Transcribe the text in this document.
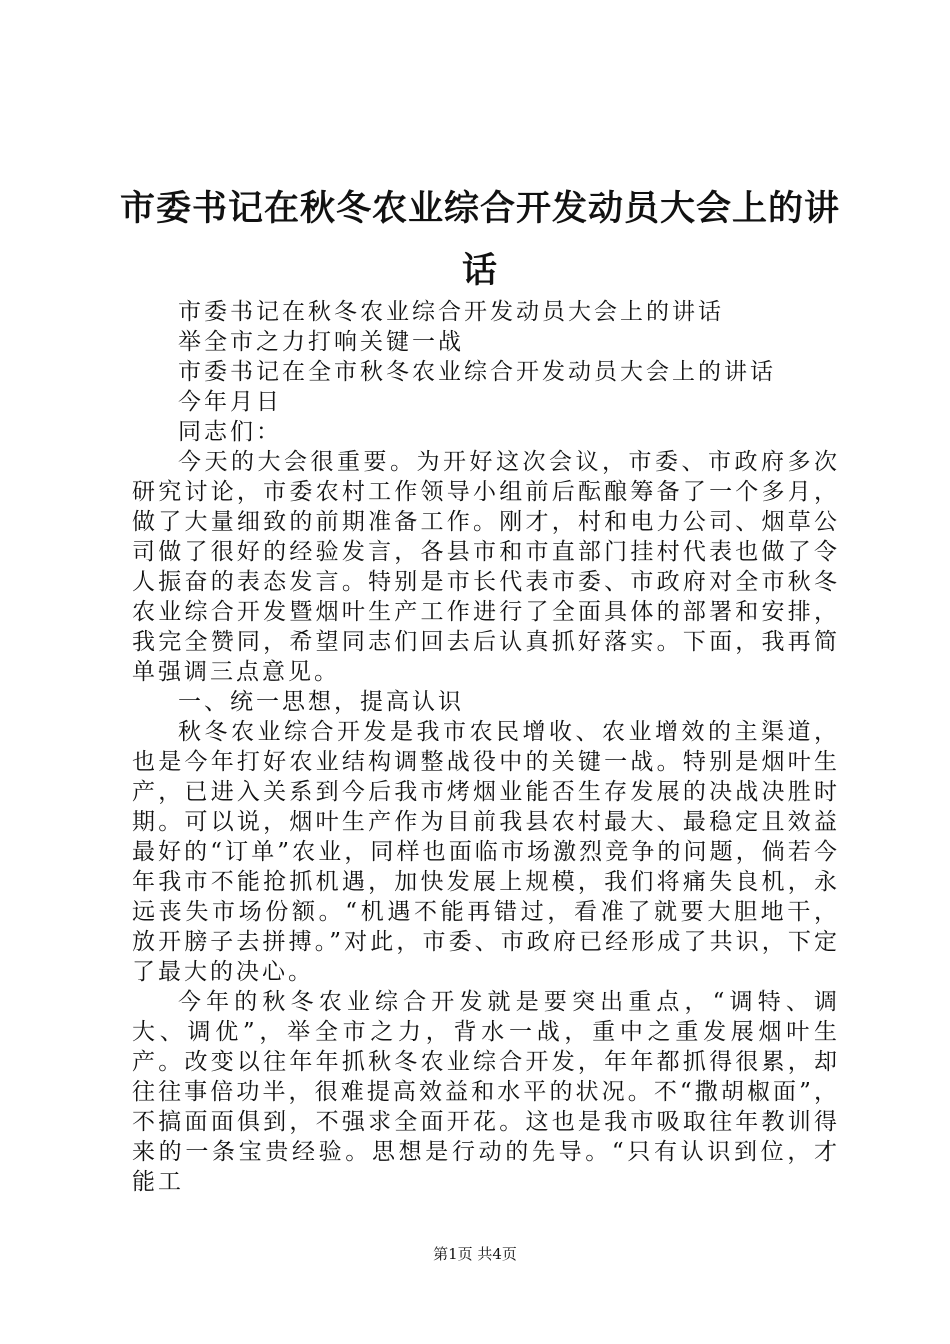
市委书记在秋冬农业综合开发动员大会上的讲话

市委书记在秋冬农业综合开发动员大会上的讲话

举全市之力打响关键一战

市委书记在全市秋冬农业综合开发动员大会上的讲话

今年月日

同志们：

今天的大会很重要。为开好这次会议，市委、市政府多次研究讨论，市委农村工作领导小组前后酝酿筹备了一个多月，做了大量细致的前期准备工作。刚才，村和电力公司、烟草公司做了很好的经验发言，各县市和市直部门挂村代表也做了令人振奋的表态发言。特别是市长代表市委、市政府对全市秋冬农业综合开发暨烟叶生产工作进行了全面具体的部署和安排，我完全赞同，希望同志们回去后认真抓好落实。下面，我再简单强调三点意见。

一、统一思想，提高认识

秋冬农业综合开发是我市农民增收、农业增效的主渠道，也是今年打好农业结构调整战役中的关键一战。特别是烟叶生产，已进入关系到今后我市烤烟业能否生存发展的决战决胜时期。可以说，烟叶生产作为目前我县农村最大、最稳定且效益最好的“订单”农业，同样也面临市场激烈竞争的问题，倘若今年我市不能抢抓机遇，加快发展上规模，我们将痛失良机，永远丧失市场份额。“机遇不能再错过，看准了就要大胆地干，放开膀子去拼搏。”对此，市委、市政府已经形成了共识，下定了最大的决心。

今年的秋冬农业综合开发就是要突出重点，“调特、调大、调优”，举全市之力，背水一战，重中之重发展烟叶生产。改变以往年年抓秋冬农业综合开发，年年都抓得很累，却往往事倍功半，很难提高效益和水平的状况。不“撒胡椒面”，不搞面面俱到，不强求全面开花。这也是我市吸取往年教训得来的一条宝贵经验。思想是行动的先导。“只有认识到位，才能工

第1页 共4页
